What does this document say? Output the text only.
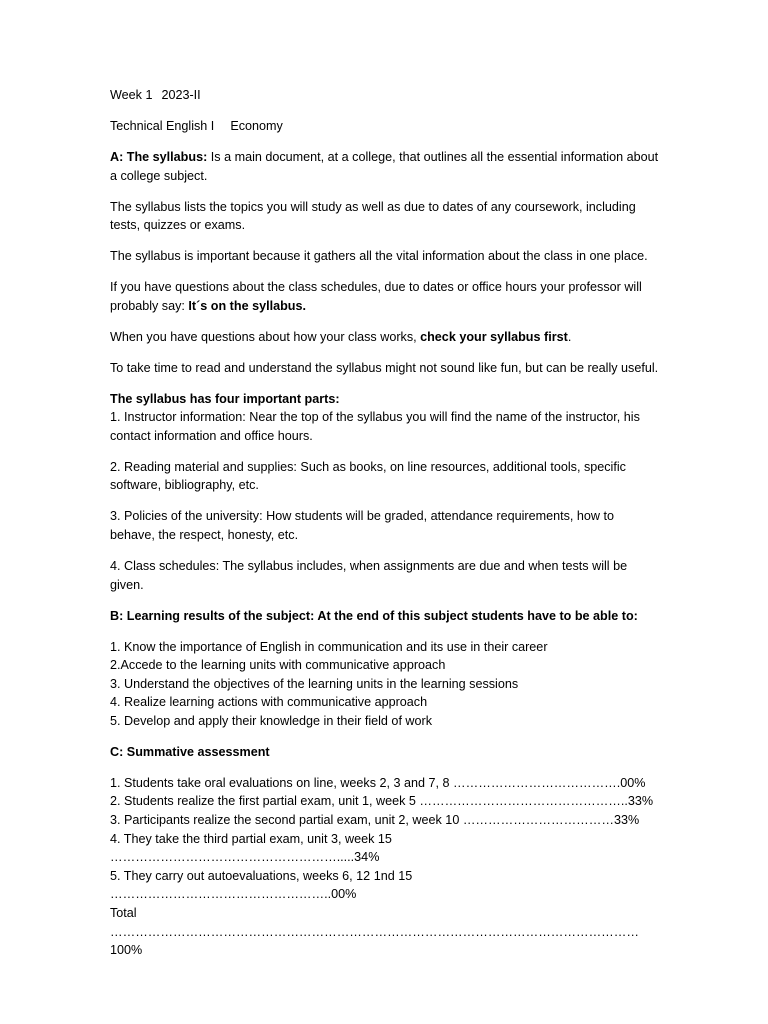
Week 1 2023-II

Technical English I Economy

A: The syllabus: Is a main document, at a college, that outlines all the essential information about a college subject.

The syllabus lists the topics you will study as well as due to dates of any coursework, including tests, quizzes or exams.

The syllabus is important because it gathers all the vital information about the class in one place.

If you have questions about the class schedules, due to dates or office hours your professor will probably say: It´s on the syllabus.

When you have questions about how your class works, check your syllabus first.

To take time to read and understand the syllabus might not sound like fun, but can be really useful.

The syllabus has four important parts:

1. Instructor information: Near the top of the syllabus you will find the name of the instructor, his contact information and office hours.

2. Reading material and supplies: Such as books, on line resources, additional tools, specific software, bibliography, etc.

3. Policies of the university: How students will be graded, attendance requirements, how to behave, the respect, honesty, etc.

4. Class schedules: The syllabus includes, when assignments are due and when tests will be given.

B: Learning results of the subject: At the end of this subject students have to be able to:

1. Know the importance of English in communication and its use in their career

2.Accede to the learning units with communicative approach

3. Understand the objectives of the learning units in the learning sessions

4. Realize learning actions with communicative approach

5. Develop and apply their knowledge in their field of work

C: Summative assessment

1. Students take oral evaluations on line, weeks 2, 3 and 7, 8 ………………………………….00%

2. Students realize the first partial exam, unit 1, week 5 …………………………………………..33%

3. Participants realize the second partial exam, unit 2, week 10 ………………………………33%

4. They take the third partial exam, unit 3, week 15 ……………………………………………….....34%

5. They carry out autoevaluations, weeks 6, 12 1nd 15 ……………………………………………..00%

Total ………………………………………………………………………………………………………………100%
